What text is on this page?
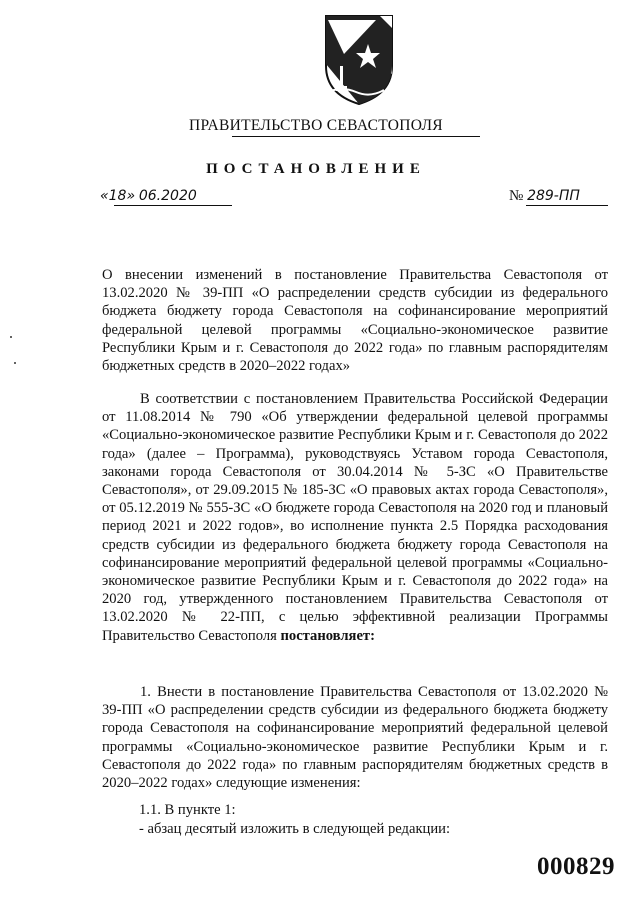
ПРАВИТЕЛЬСТВО СЕВАСТОПОЛЯ
ПОСТАНОВЛЕНИЕ
«18» 06.2020	№ 289-ПП
О внесении изменений в постановление Правительства Севастополя от 13.02.2020 № 39-ПП «О распределении средств субсидии из федерального бюджета бюджету города Севастополя на софинансирование мероприятий федеральной целевой программы «Социально-экономическое развитие Республики Крым и г. Севастополя до 2022 года» по главным распорядителям бюджетных средств в 2020–2022 годах»
В соответствии с постановлением Правительства Российской Федерации от 11.08.2014 № 790 «Об утверждении федеральной целевой программы «Социально-экономическое развитие Республики Крым и г. Севастополя до 2022 года» (далее – Программа), руководствуясь Уставом города Севастополя, законами города Севастополя от 30.04.2014 № 5-ЗС «О Правительстве Севастополя», от 29.09.2015 № 185-ЗС «О правовых актах города Севастополя», от 05.12.2019 № 555-ЗС «О бюджете города Севастополя на 2020 год и плановый период 2021 и 2022 годов», во исполнение пункта 2.5 Порядка расходования средств субсидии из федерального бюджета бюджету города Севастополя на софинансирование мероприятий федеральной целевой программы «Социально-экономическое развитие Республики Крым и г. Севастополя до 2022 года» на 2020 год, утвержденного постановлением Правительства Севастополя от 13.02.2020 № 22-ПП, с целью эффективной реализации Программы Правительство Севастополя постановляет:

1. Внести в постановление Правительства Севастополя от 13.02.2020 № 39-ПП «О распределении средств субсидии из федерального бюджета бюджету города Севастополя на софинансирование мероприятий федеральной целевой программы «Социально-экономическое развитие Республики Крым и г. Севастополя до 2022 года» по главным распорядителям бюджетных средств в 2020–2022 годах» следующие изменения:

1.1. В пункте 1:
- абзац десятый изложить в следующей редакции:
000829
